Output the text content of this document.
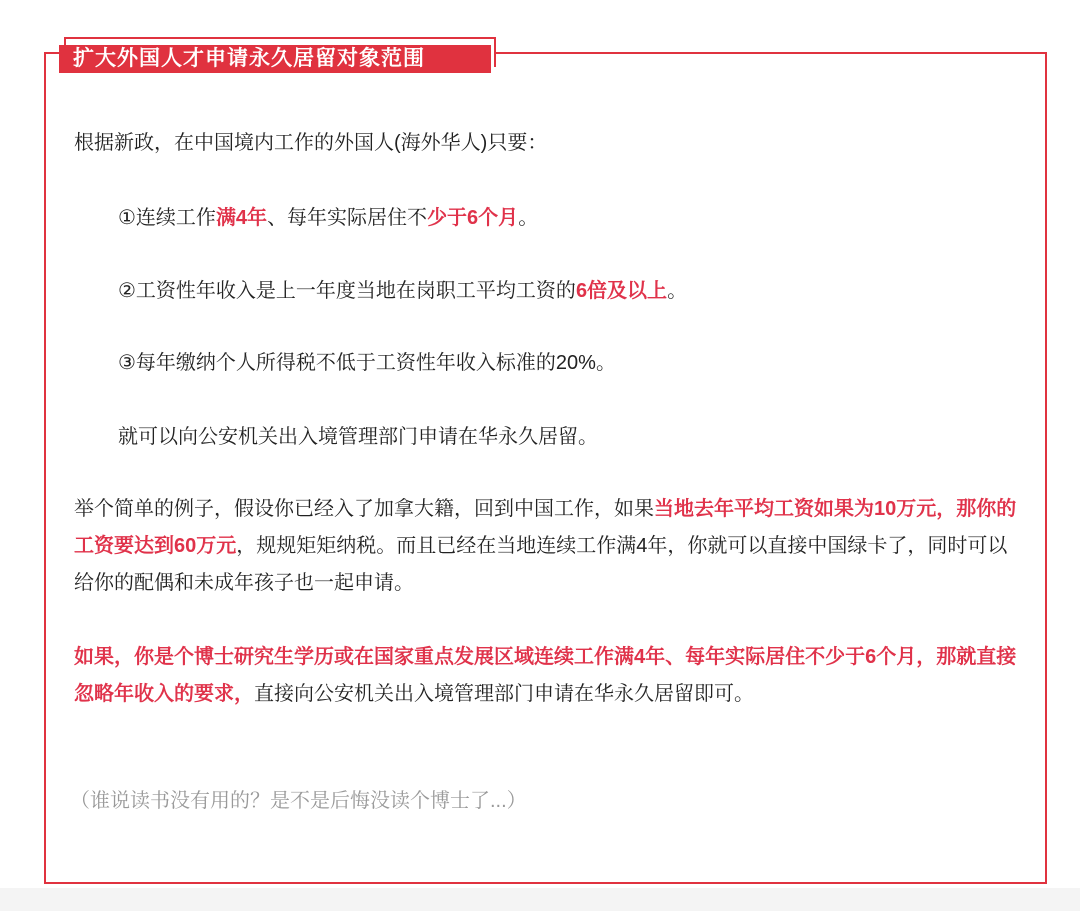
扩大外国人才申请永久居留对象范围

根据新政，在中国境内工作的外国人(海外华人)只要：

①连续工作满4年、每年实际居住不少于6个月。

②工资性年收入是上一年度当地在岗职工平均工资的6倍及以上。

③每年缴纳个人所得税不低于工资性年收入标准的20%。

就可以向公安机关出入境管理部门申请在华永久居留。

举个简单的例子，假设你已经入了加拿大籍，回到中国工作，如果当地去年平均工资如果为10万元，那你的工资要达到60万元，规规矩矩纳税。而且已经在当地连续工作满4年，你就可以直接中国绿卡了，同时可以给你的配偶和未成年孩子也一起申请。

如果，你是个博士研究生学历或在国家重点发展区域连续工作满4年、每年实际居住不少于6个月，那就直接忽略年收入的要求，直接向公安机关出入境管理部门申请在华永久居留即可。

（谁说读书没有用的？是不是后悔没读个博士了...）
